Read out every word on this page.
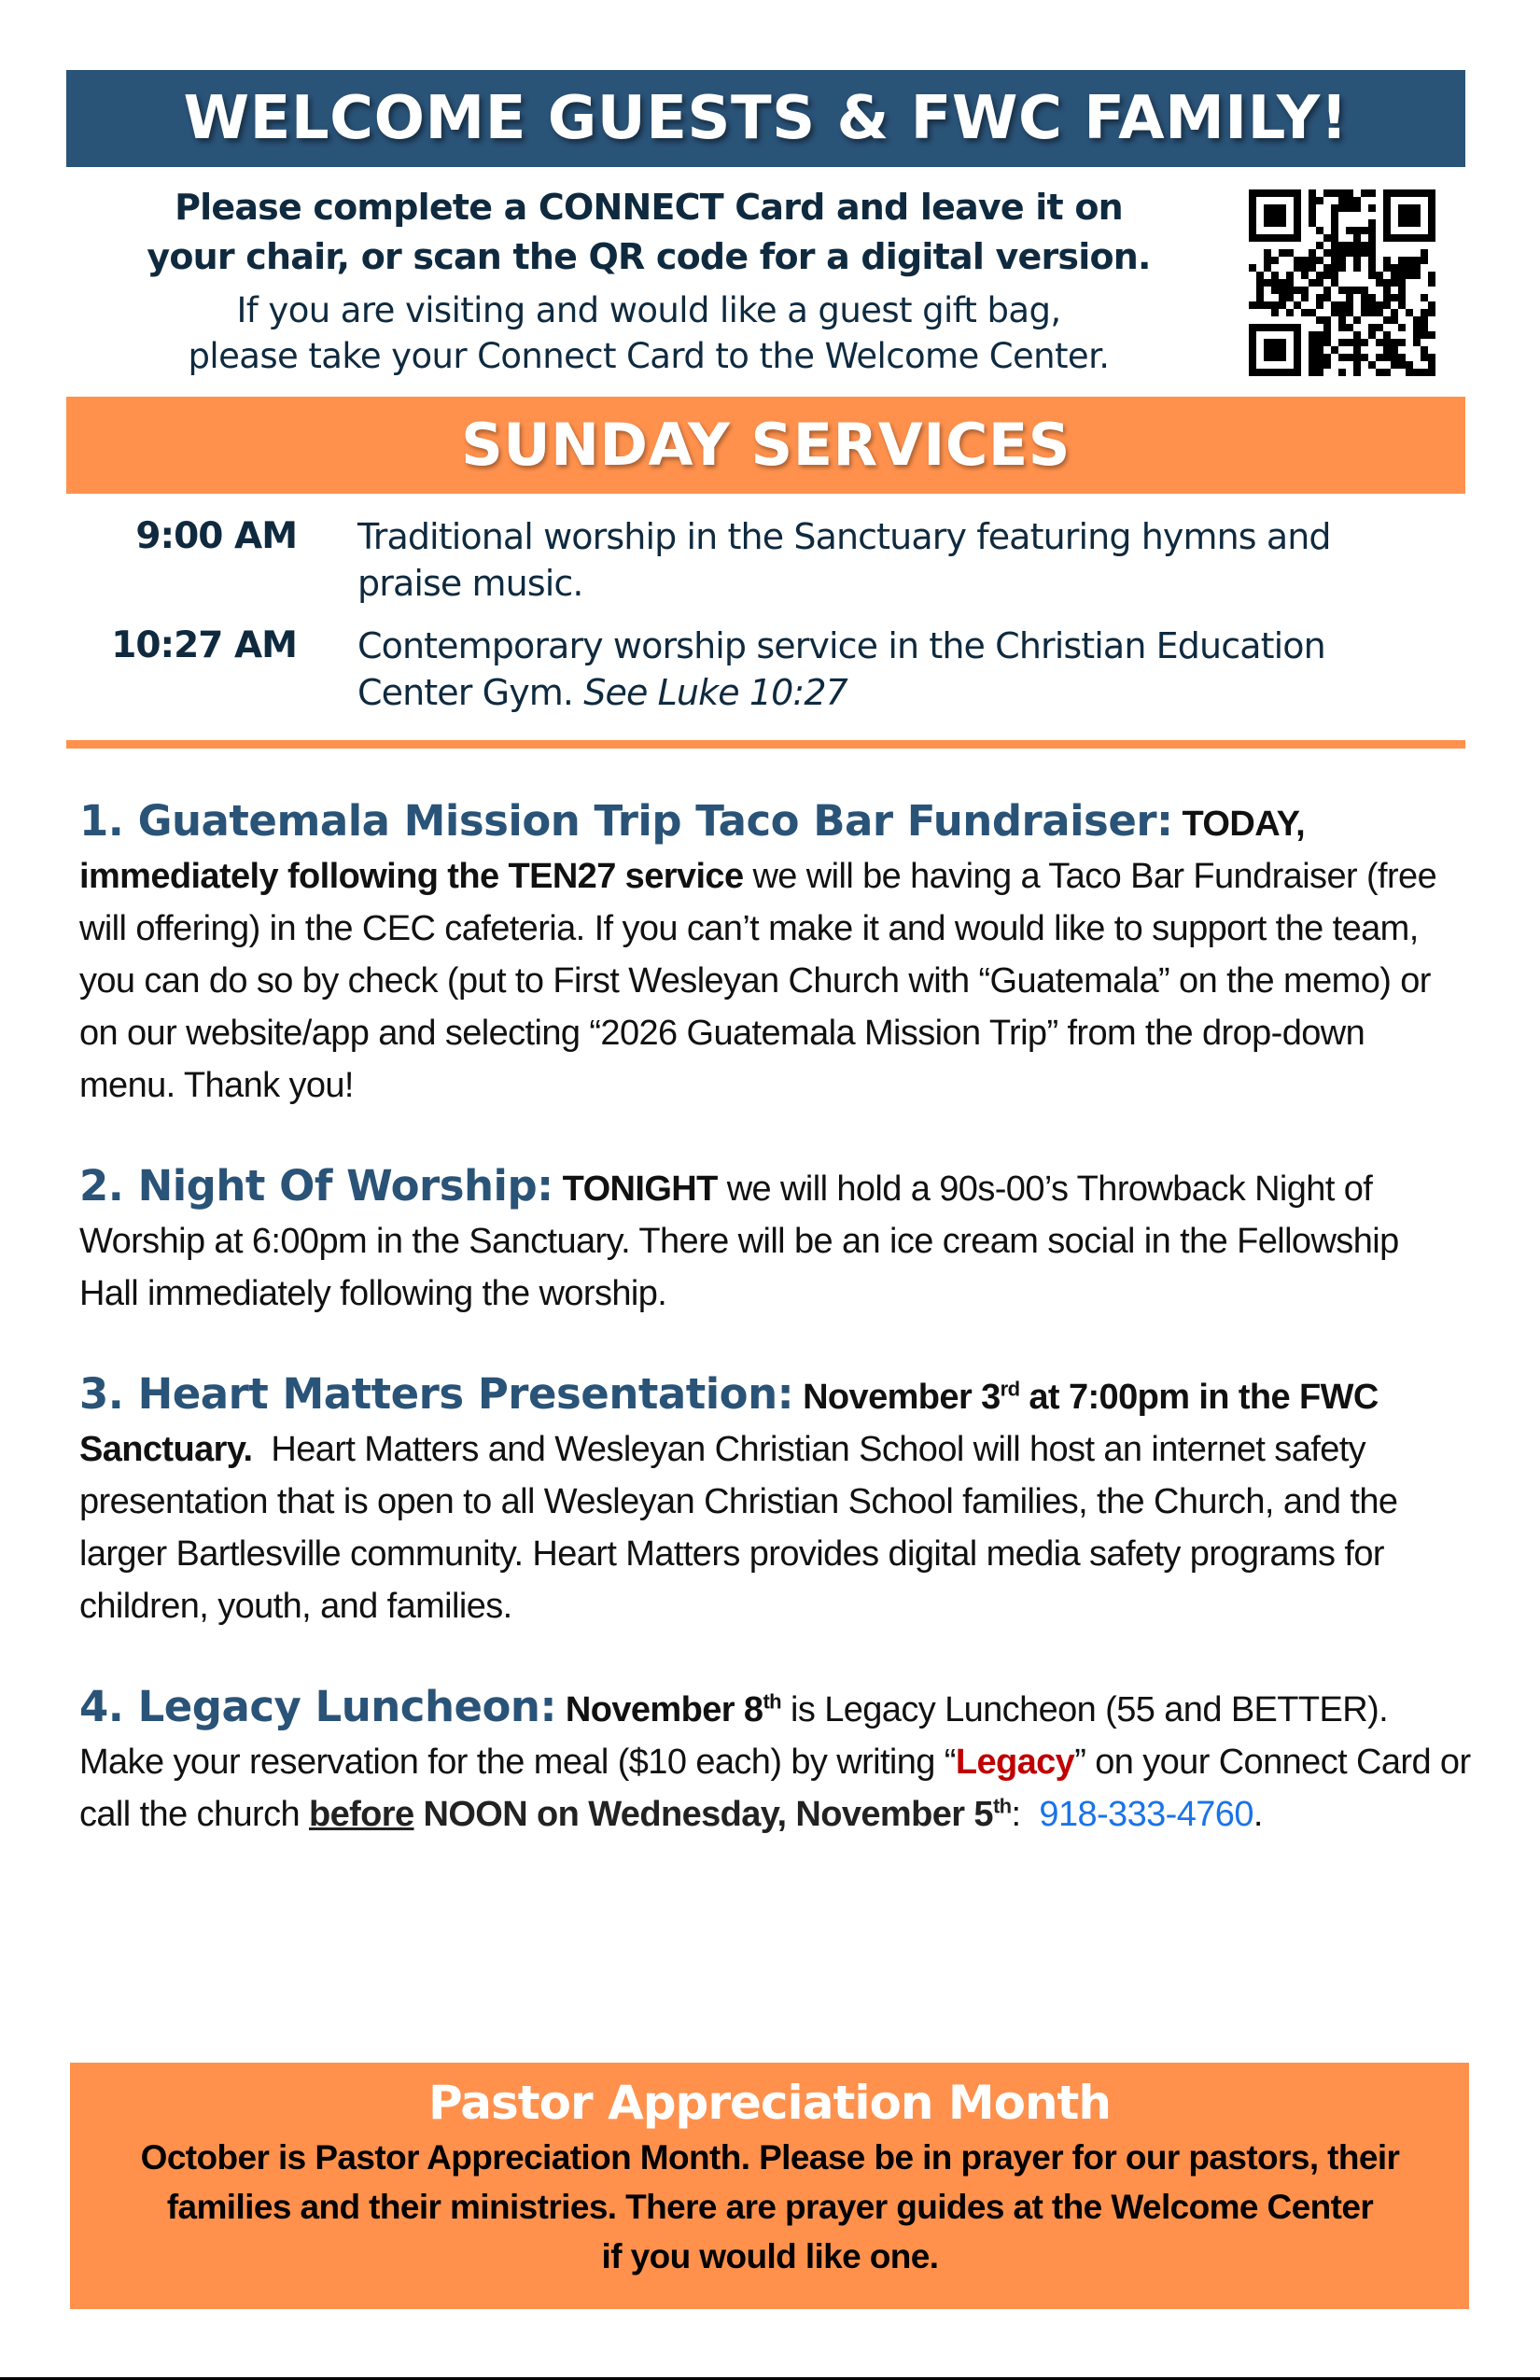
WELCOME GUESTS & FWC FAMILY!
Please complete a CONNECT Card and leave it on
your chair, or scan the QR code for a digital version.
If you are visiting and would like a guest gift bag,
please take your Connect Card to the Welcome Center.
SUNDAY SERVICES
9:00 AM Traditional worship in the Sanctuary featuring hymns and
praise music.
10:27 AM Contemporary worship service in the Christian Education
Center Gym. See Luke 10:27
1. Guatemala Mission Trip Taco Bar Fundraiser: TODAY, immediately following the TEN27 service we will be having a Taco Bar Fundraiser (free will offering) in the CEC cafeteria. If you can’t make it and would like to support the team, you can do so by check (put to First Wesleyan Church with “Guatemala” on the memo) or on our website/app and selecting “2026 Guatemala Mission Trip” from the drop-down menu. Thank you!
2. Night Of Worship: TONIGHT we will hold a 90s-00’s Throwback Night of Worship at 6:00pm in the Sanctuary. There will be an ice cream social in the Fellowship Hall immediately following the worship.
3. Heart Matters Presentation: November 3rd at 7:00pm in the FWC Sanctuary.  Heart Matters and Wesleyan Christian School will host an internet safety presentation that is open to all Wesleyan Christian School families, the Church, and the larger Bartlesville community. Heart Matters provides digital media safety programs for children, youth, and families.
4. Legacy Luncheon: November 8th is Legacy Luncheon (55 and BETTER). Make your reservation for the meal ($10 each) by writing “Legacy” on your Connect Card or call the church before NOON on Wednesday, November 5th:  918-333-4760.
Pastor Appreciation Month
October is Pastor Appreciation Month. Please be in prayer for our pastors, their
families and their ministries. There are prayer guides at the Welcome Center
if you would like one.
